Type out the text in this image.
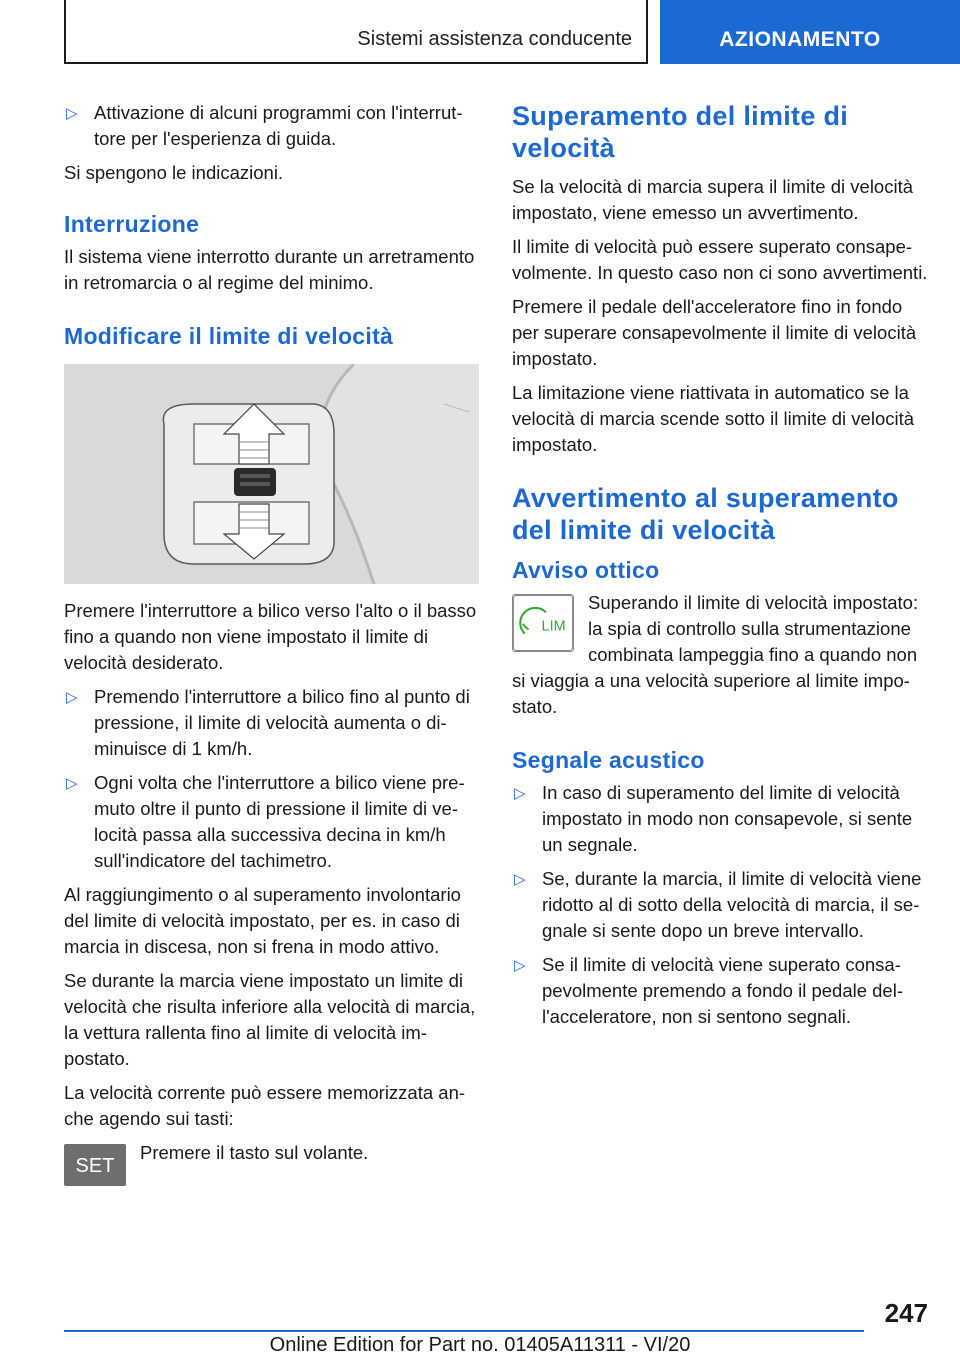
Sistemi assistenza conducente	AZIONAMENTO
▷ Attivazione di alcuni programmi con l'interruttore per l'esperienza di guida.

Si spengono le indicazioni.

Interruzione

Il sistema viene interrotto durante un arretramento in retromarcia o al regime del minimo.

Modificare il limite di velocità

Premere l'interruttore a bilico verso l'alto o il basso fino a quando non viene impostato il limite di velocità desiderato.

▷ Premendo l'interruttore a bilico fino al punto di pressione, il limite di velocità aumenta o diminuisce di 1 km/h.
▷ Ogni volta che l'interruttore a bilico viene premuto oltre il punto di pressione il limite di velocità passa alla successiva decina in km/h sull'indicatore del tachimetro.

Al raggiungimento o al superamento involontario del limite di velocità impostato, per es. in caso di marcia in discesa, non si frena in modo attivo.

Se durante la marcia viene impostato un limite di velocità che risulta inferiore alla velocità di marcia, la vettura rallenta fino al limite di velocità impostato.

La velocità corrente può essere memorizzata anche agendo sui tasti:

SET
Premere il tasto sul volante.
Superamento del limite di velocità

Se la velocità di marcia supera il limite di velocità impostato, viene emesso un avvertimento.

Il limite di velocità può essere superato consapevolmente. In questo caso non ci sono avvertimenti.

Premere il pedale dell'acceleratore fino in fondo per superare consapevolmente il limite di velocità impostato.

La limitazione viene riattivata in automatico se la velocità di marcia scende sotto il limite di velocità impostato.

Avvertimento al superamento del limite di velocità
Avviso ottico
LIM
Superando il limite di velocità impostato: la spia di controllo sulla strumentazione combinata lampeggia fino a quando non

si viaggia a una velocità superiore al limite impostato.

Segnale acustico
▷ In caso di superamento del limite di velocità impostato in modo non consapevole, si sente un segnale.
▷ Se, durante la marcia, il limite di velocità viene ridotto al di sotto della velocità di marcia, il segnale si sente dopo un breve intervallo.
▷ Se il limite di velocità viene superato consapevolmente premendo a fondo il pedale dell'acceleratore, non si sentono segnali.
247
Online Edition for Part no. 01405A11311 - VI/20
